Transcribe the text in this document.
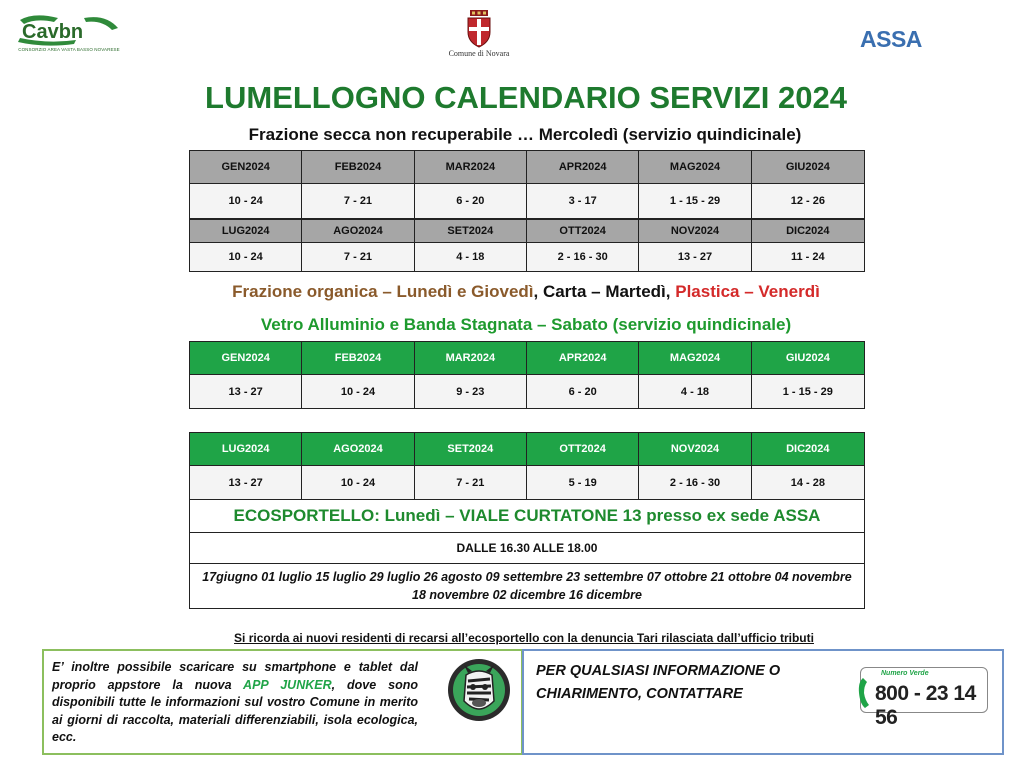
Cavbn
CONSORZIO AREA VASTA BASSO NOVARESE	Comune di Novara
ASSA
LUMELLOGNO CALENDARIO SERVIZI 2024
Frazione secca non recuperabile … Mercoledì (servizio quindicinale)
GEN2024	FEB2024	MAR2024	APR2024	MAG2024	GIU2024
10 - 24	7 - 21	6 - 20	3 - 17	1 - 15 - 29	12 - 26
LUG2024	AGO2024	SET2024	OTT2024	NOV2024	DIC2024
10 - 24	7 - 21	4 - 18	2 - 16 - 30	13 - 27	11 - 24
Frazione organica – Lunedì e Giovedì, Carta – Martedì, Plastica – Venerdì
Vetro Alluminio e Banda Stagnata – Sabato (servizio quindicinale)
GEN2024	FEB2024	MAR2024	APR2024	MAG2024	GIU2024
13 - 27	10 - 24	9 - 23	6 - 20	4 - 18	1 - 15 - 29
LUG2024	AGO2024	SET2024	OTT2024	NOV2024	DIC2024
13 - 27	10 - 24	7 - 21	5 - 19	2 - 16 - 30	14 - 28
ECOSPORTELLO: Lunedì – VIALE CURTATONE 13 presso ex sede ASSA
DALLE 16.30 ALLE 18.00
17giugno 01 luglio 15 luglio 29 luglio 26 agosto 09 settembre 23 settembre 07 ottobre 21 ottobre 04 novembre 18 novembre 02 dicembre 16 dicembre
Si ricorda ai nuovi residenti di recarsi all’ecosportello con la denuncia Tari rilasciata dall’ufficio tributi
E’ inoltre possibile scaricare su smartphone e tablet dal proprio appstore la nuova APP JUNKER, dove sono disponibili tutte le informazioni sul vostro Comune in merito ai giorni di raccolta, materiali differenziabili, isola ecologica, ecc.
PER QUALSIASI INFORMAZIONE O CHIARIMENTO, CONTATTARE
Numero Verde
800 - 23 14 56
